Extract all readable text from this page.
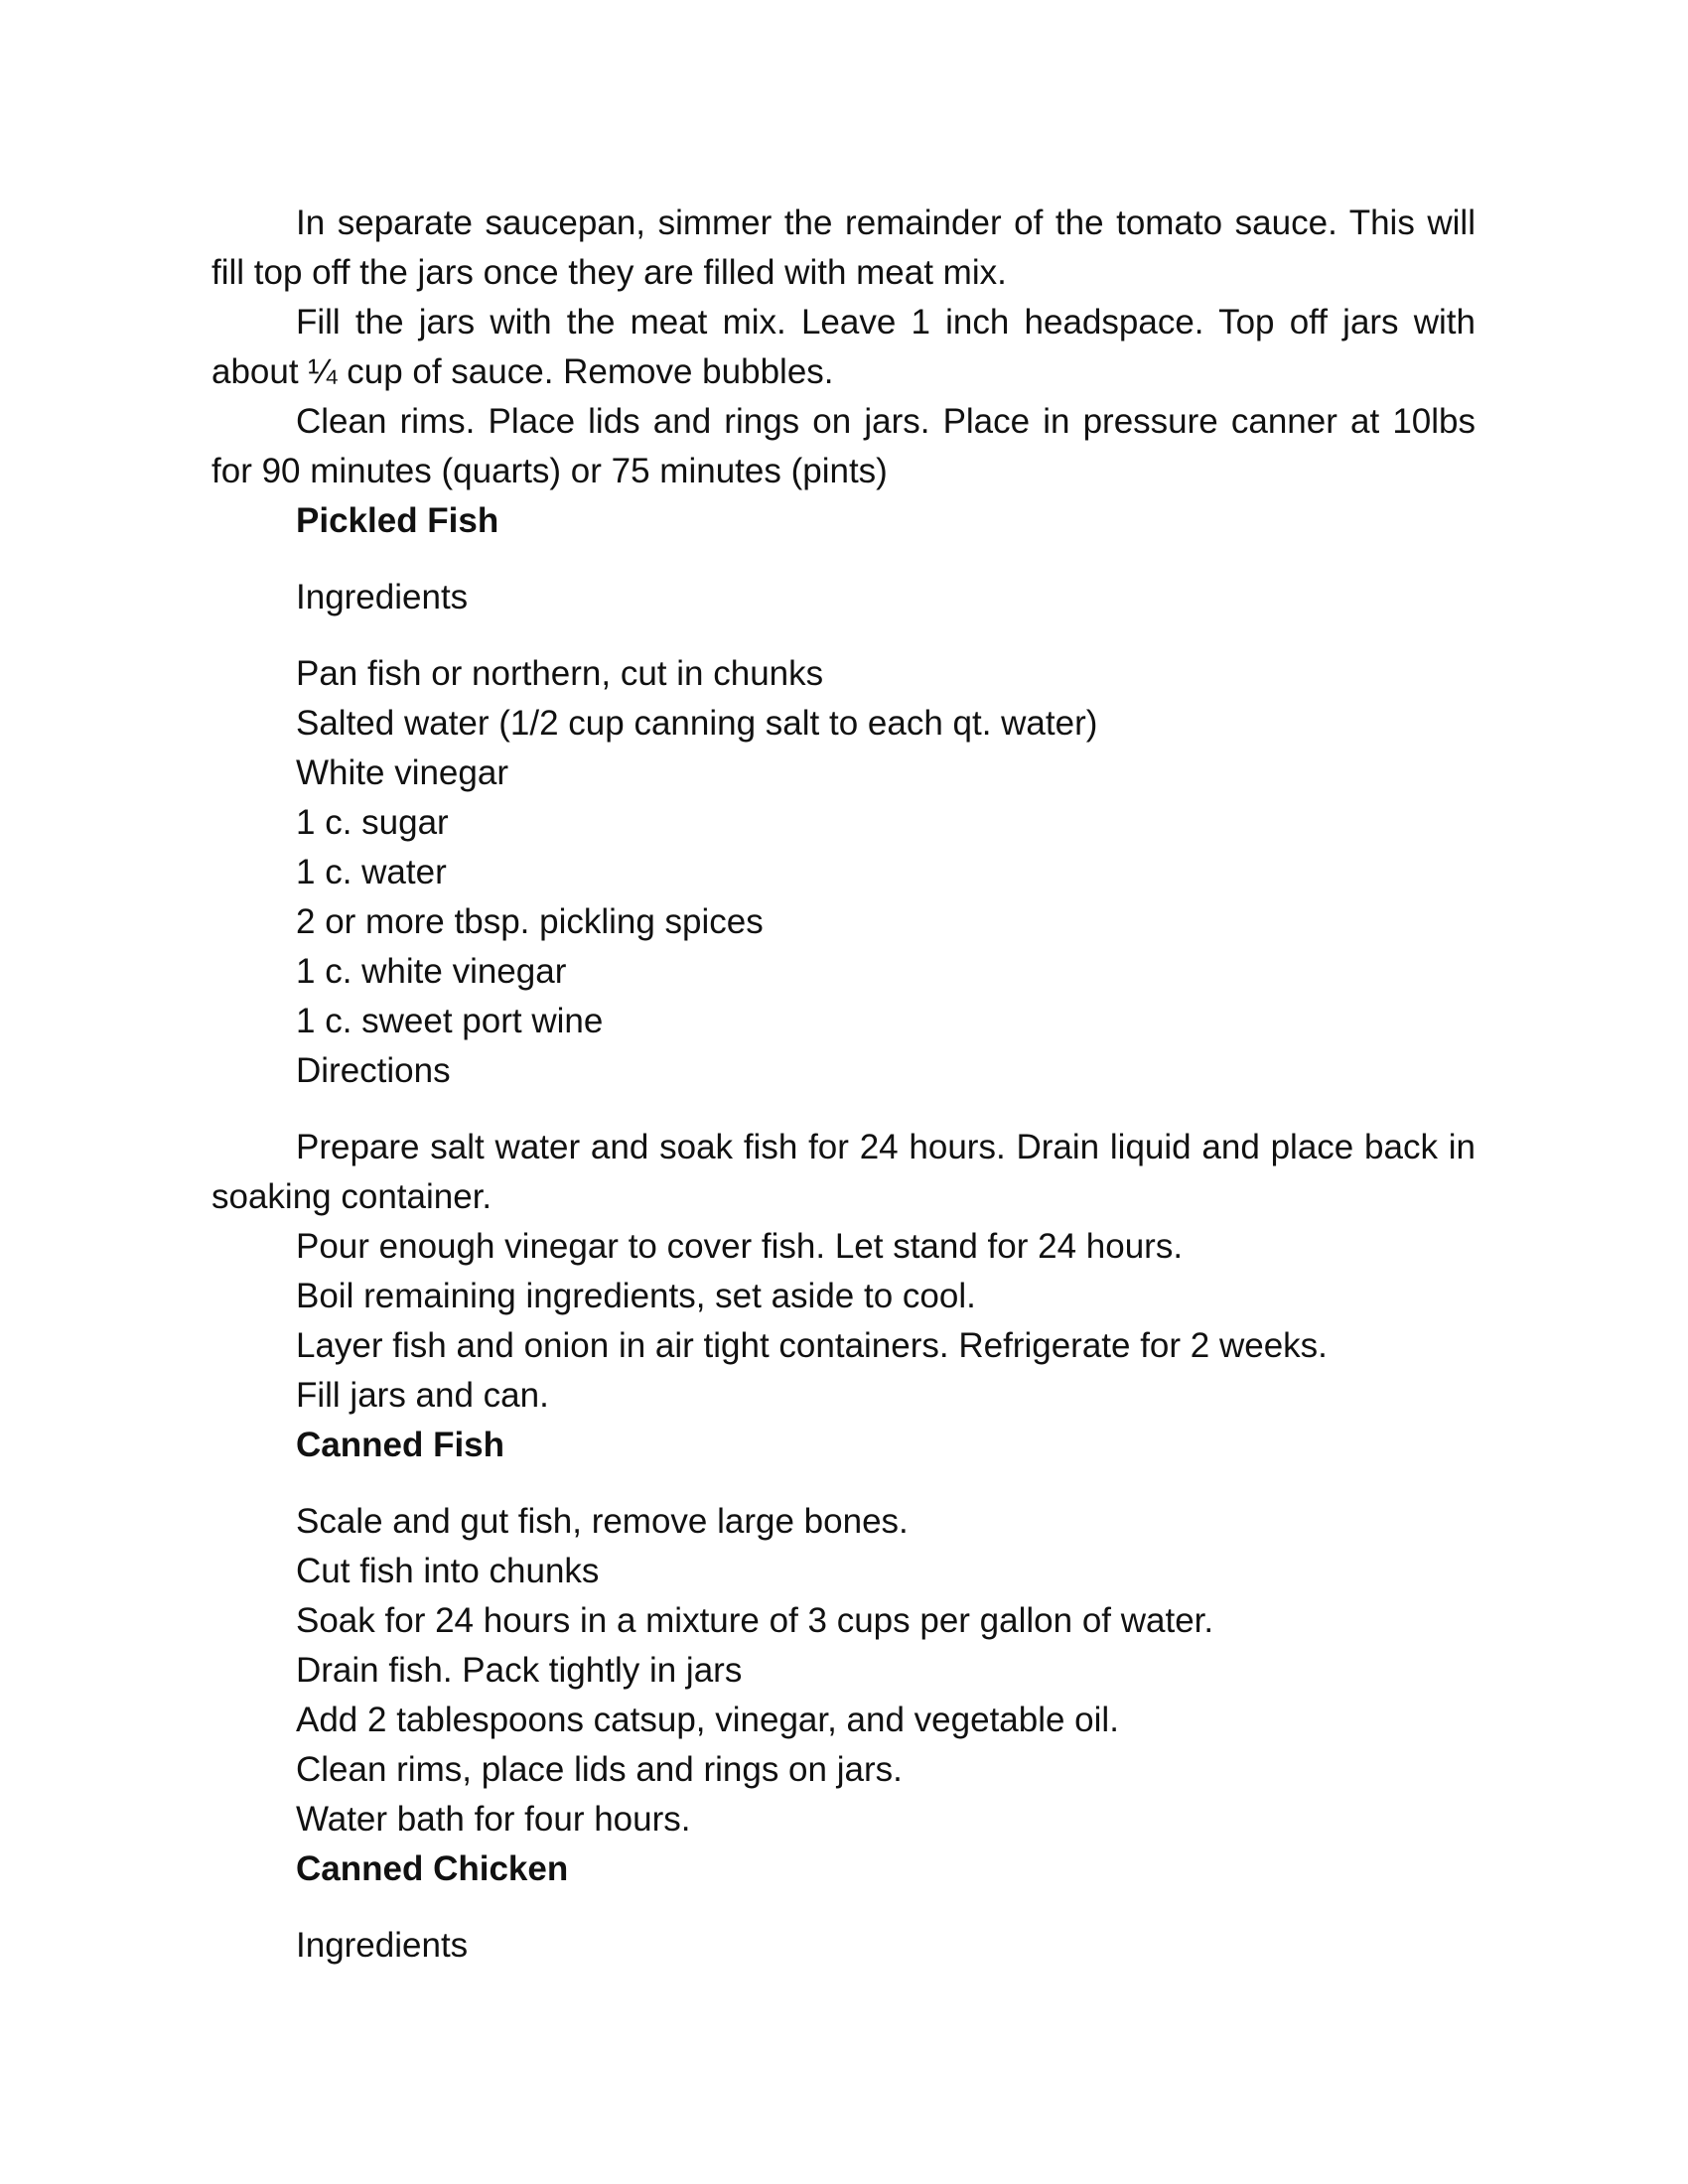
In separate saucepan, simmer the remainder of the tomato sauce. This will fill top off the jars once they are filled with meat mix.

Fill the jars with the meat mix. Leave 1 inch headspace. Top off jars with about ¼ cup of sauce. Remove bubbles.

Clean rims. Place lids and rings on jars. Place in pressure canner at 10lbs for 90 minutes (quarts) or 75 minutes (pints)

Pickled Fish

Ingredients

Pan fish or northern, cut in chunks

Salted water (1/2 cup canning salt to each qt. water)

White vinegar

1 c. sugar

1 c. water

2 or more tbsp. pickling spices

1 c. white vinegar

1 c. sweet port wine

Directions

Prepare salt water and soak fish for 24 hours. Drain liquid and place back in soaking container.

Pour enough vinegar to cover fish. Let stand for 24 hours.

Boil remaining ingredients, set aside to cool.

Layer fish and onion in air tight containers. Refrigerate for 2 weeks.

Fill jars and can.

Canned Fish

Scale and gut fish, remove large bones.

Cut fish into chunks

Soak for 24 hours in a mixture of 3 cups per gallon of water.

Drain fish. Pack tightly in jars

Add 2 tablespoons catsup, vinegar, and vegetable oil.

Clean rims, place lids and rings on jars.

Water bath for four hours.

Canned Chicken

Ingredients
